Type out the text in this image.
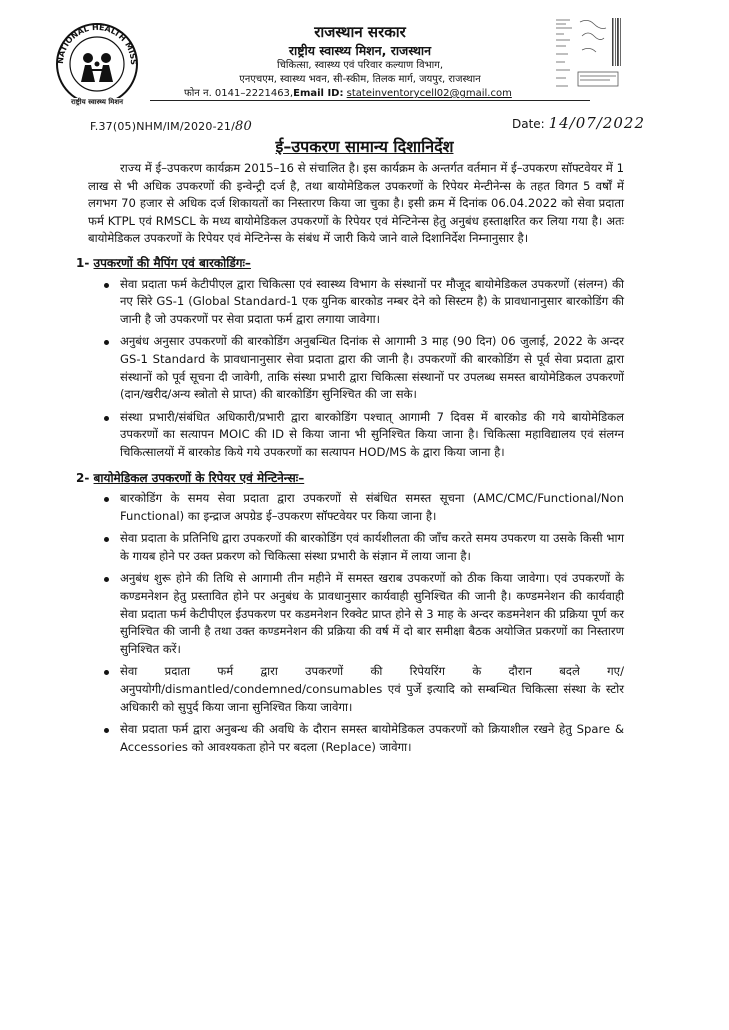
NATIONAL HEALTH MISS
राष्ट्रीय स्वास्थ्य मिशन
राजस्थान सरकार
राष्ट्रीय स्वास्थ्य मिशन, राजस्थान
चिकित्सा, स्वास्थ्य एवं परिवार कल्याण विभाग,
एनएचएम, स्वास्थ्य भवन, सी-स्कीम, तिलक मार्ग, जयपुर, राजस्थान
फोन न. 0141–2221463,Email ID: stateinventorycell02@gmail.com
F.37(05)NHM/IM/2020-21/80	Date: 14/07/2022
ई–उपकरण सामान्य दिशानिर्देश

राज्य में ई–उपकरण कार्यक्रम 2015–16 से संचालित है। इस कार्यक्रम के अन्तर्गत वर्तमान में ई–उपकरण सॉफ्टवेयर में 1 लाख से भी अधिक उपकरणों की इन्वेन्ट्री दर्ज है, तथा बायोमेडिकल उपकरणों के रिपेयर मेन्टीनेन्स के तहत विगत 5 वर्षों में लगभग 70 हजार से अधिक दर्ज शिकायतों का निस्तारण किया जा चुका है। इसी क्रम में दिनांक 06.04.2022 को सेवा प्रदाता फर्म KTPL एवं RMSCL के मध्य बायोमेडिकल उपकरणों के रिपेयर एवं मेन्टिनेन्स हेतु अनुबंध हस्ताक्षरित कर लिया गया है। अतः बायोमेडिकल उपकरणों के रिपेयर एवं मेन्टिनेन्स के संबंध में जारी किये जाने वाले दिशानिर्देश निम्नानुसार है।

1- उपकरणों की मैपिंग एवं बारकोडिंगः–
सेवा प्रदाता फर्म केटीपीएल द्वारा चिकित्सा एवं स्वास्थ्य विभाग के संस्थानों पर मौजूद बायोमेडिकल उपकरणों (संलग्न) की नए सिरे GS-1 (Global Standard-1 एक युनिक बारकोड नम्बर देने को सिस्टम है) के प्रावधानानुसार बारकोडिंग की जानी है जो उपकरणों पर सेवा प्रदाता फर्म द्वारा लगाया जावेगा।
अनुबंध अनुसार उपकरणों की बारकोडिंग अनुबन्धित दिनांक से आगामी 3 माह (90 दिन) 06 जुलाई, 2022 के अन्दर GS-1 Standard के प्रावधानानुसार सेवा प्रदाता द्वारा की जानी है। उपकरणों की बारकोडिंग से पूर्व सेवा प्रदाता द्वारा संस्थानों को पूर्व सूचना दी जावेगी, ताकि संस्था प्रभारी द्वारा चिकित्सा संस्थानों पर उपलब्ध समस्त बायोमेडिकल उपकरणों (दान/खरीद/अन्य स्त्रोतो से प्राप्त) की बारकोडिंग सुनिश्चित की जा सके।
संस्था प्रभारी/संबंधित अधिकारी/प्रभारी द्वारा बारकोडिंग पश्चात् आगामी 7 दिवस में बारकोड की गये बायोमेडिकल उपकरणों का सत्यापन MOIC की ID से किया जाना भी सुनिश्चित किया जाना है। चिकित्सा महाविद्यालय एवं संलग्न चिकित्सालयों में बारकोड किये गये उपकरणों का सत्यापन HOD/MS के द्वारा किया जाना है।
2- बायोमेडिकल उपकरणों के रिपेयर एवं मेन्टिनेन्सः–
बारकोडिंग के समय सेवा प्रदाता द्वारा उपकरणों से संबंधित समस्त सूचना (AMC/CMC/Functional/Non Functional) का इन्द्राज अपग्रेड ई–उपकरण सॉफ्टवेयर पर किया जाना है।
सेवा प्रदाता के प्रतिनिधि द्वारा उपकरणों की बारकोडिंग एवं कार्यशीलता की जाँच करते समय उपकरण या उसके किसी भाग के गायब होने पर उक्त प्रकरण को चिकित्सा संस्था प्रभारी के संज्ञान में लाया जाना है।
अनुबंध शुरू होने की तिथि से आगामी तीन महीने में समस्त खराब उपकरणों को ठीक किया जावेगा। एवं उपकरणों के कण्डमनेशन हेतु प्रस्तावित होने पर अनुबंध के प्रावधानुसार कार्यवाही सुनिश्चित की जानी है। कण्डमनेशन की कार्यवाही सेवा प्रदाता फर्म केटीपीएल ईउपकरण पर कडमनेशन रिक्वेट प्राप्त होने से 3 माह के अन्दर कडमनेशन की प्रक्रिया पूर्ण कर सुनिश्चित की जानी है तथा उक्त कण्डमनेशन की प्रक्रिया की वर्ष में दो बार समीक्षा बैठक अयोजित प्रकरणों का निस्तारण सुनिश्चित करें।
सेवा प्रदाता फर्म द्वारा उपकरणों की रिपेयरिंग के दौरान बदले गए/अनुपयोगी/dismantled/condemned/consumables एवं पुर्जे इत्यादि को सम्बन्धित चिकित्सा संस्था के स्टोर अधिकारी को सुपुर्द किया जाना सुनिश्चित किया जावेगा।
सेवा प्रदाता फर्म द्वारा अनुबन्ध की अवधि के दौरान समस्त बायोमेडिकल उपकरणों को क्रियाशील रखने हेतु Spare & Accessories को आवश्यकता होने पर बदला (Replace) जावेगा।
